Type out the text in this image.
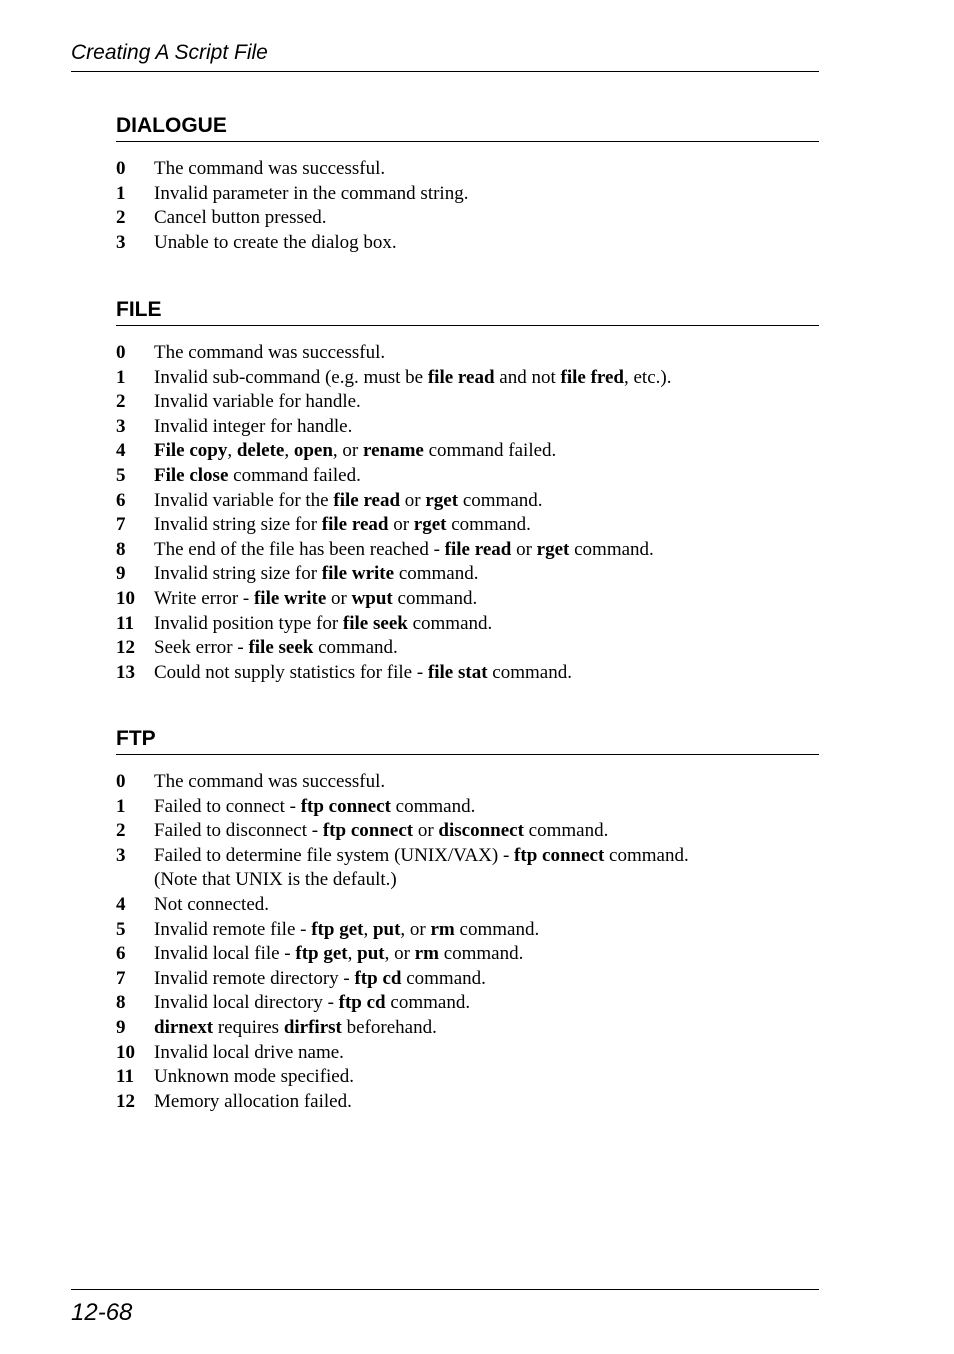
Creating A Script File
DIALOGUE
0	The command was successful.
1	Invalid parameter in the command string.
2	Cancel button pressed.
3	Unable to create the dialog box.
FILE
0	The command was successful.
1	Invalid sub-command (e.g. must be file read and not file fred, etc.).
2	Invalid variable for handle.
3	Invalid integer for handle.
4	File copy, delete, open, or rename command failed.
5	File close command failed.
6	Invalid variable for the file read or rget command.
7	Invalid string size for file read or rget command.
8	The end of the file has been reached - file read or rget command.
9	Invalid string size for file write command.
10	Write error - file write or wput command.
11	Invalid position type for file seek command.
12	Seek error - file seek command.
13	Could not supply statistics for file - file stat command.
FTP
0	The command was successful.
1	Failed to connect - ftp connect command.
2	Failed to disconnect - ftp connect or disconnect command.
3	Failed to determine file system (UNIX/VAX) - ftp connect command.
(Note that UNIX is the default.)
4	Not connected.
5	Invalid remote file - ftp get, put, or rm command.
6	Invalid local file - ftp get, put, or rm command.
7	Invalid remote directory - ftp cd command.
8	Invalid local directory - ftp cd command.
9	dirnext requires dirfirst beforehand.
10	Invalid local drive name.
11	Unknown mode specified.
12	Memory allocation failed.
12-68
